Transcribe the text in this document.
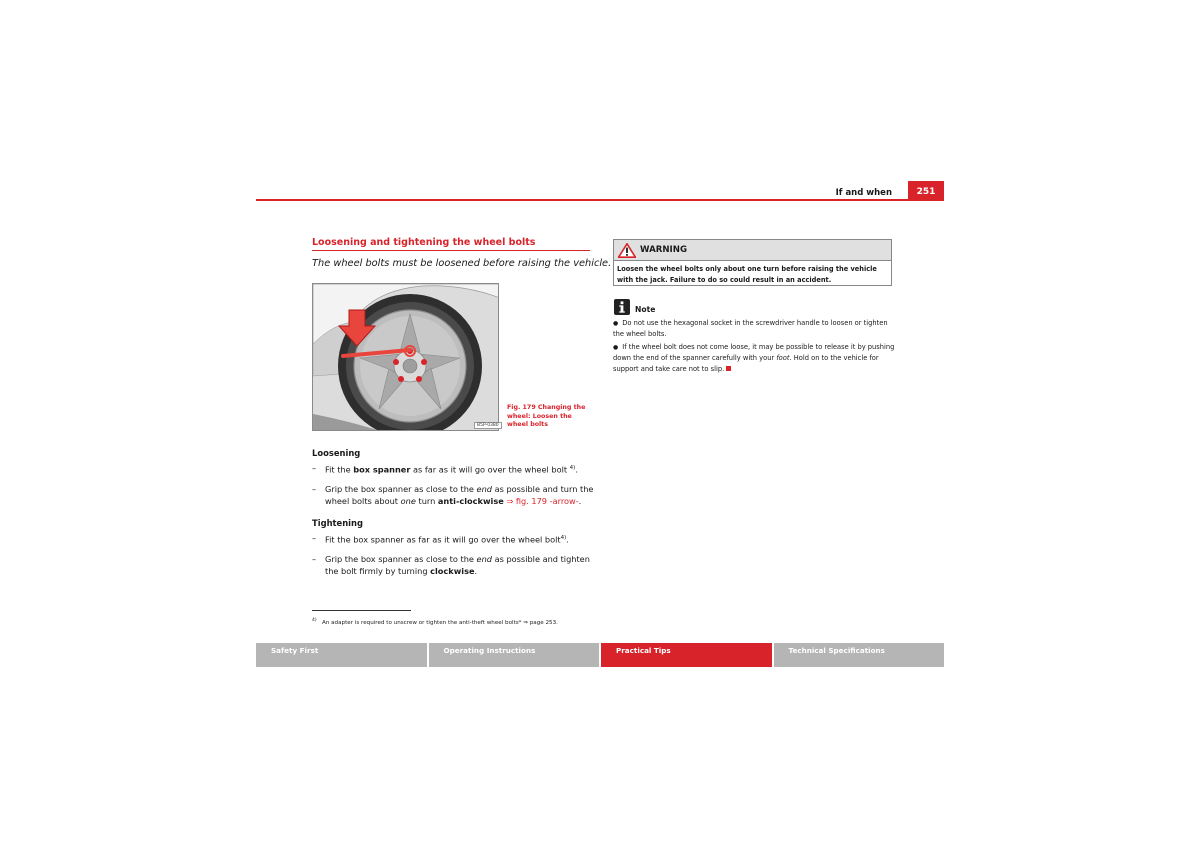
If and when	251
Loosening and tightening the wheel bolts
The wheel bolts must be loosened before raising the vehicle.
B5P-0380
Fig. 179 Changing the wheel: Loosen the wheel bolts
Loosening
– Fit the box spanner as far as it will go over the wheel bolt $^{4)}$.
– Grip the box spanner as close to the end as possible and turn the wheel bolts about one turn anti-clockwise ⇒ fig. 179 -arrow-.
Tightening
– Fit the box spanner as far as it will go over the wheel bolt$^{4)}$.
– Grip the box spanner as close to the end as possible and tighten the bolt firmly by turning clockwise.
$^{4)}$ An adapter is required to unscrew or tighten the anti-theft wheel bolts* ⇒ page 253.
WARNING
Loosen the wheel bolts only about one turn before raising the vehicle with the jack. Failure to do so could result in an accident.
Note
● Do not use the hexagonal socket in the screwdriver handle to loosen or tighten the wheel bolts.
● If the wheel bolt does not come loose, it may be possible to release it by pushing down the end of the spanner carefully with your foot. Hold on to the vehicle for support and take care not to slip.
Safety First	Operating Instructions	Practical Tips	Technical Specifications
